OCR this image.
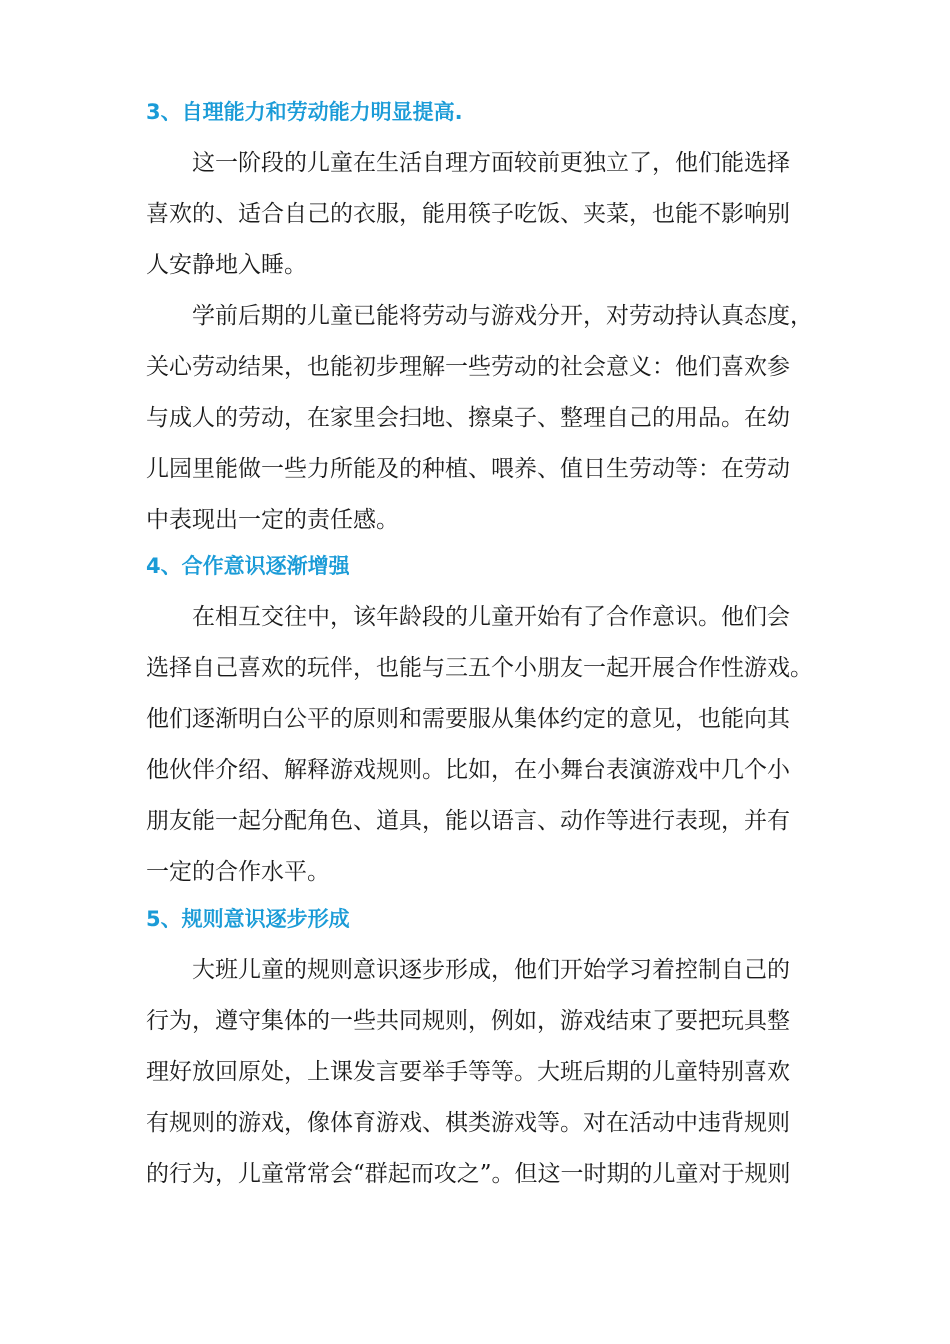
3、自理能力和劳动能力明显提高.

这一阶段的儿童在生活自理方面较前更独立了，他们能选择
喜欢的、适合自己的衣服，能用筷子吃饭、夹菜，也能不影响别
人安静地入睡。

学前后期的儿童已能将劳动与游戏分开，对劳动持认真态度，
关心劳动结果，也能初步理解一些劳动的社会意义：他们喜欢参
与成人的劳动，在家里会扫地、擦桌子、整理自己的用品。在幼
儿园里能做一些力所能及的种植、喂养、值日生劳动等：在劳动
中表现出一定的责任感。

4、合作意识逐渐增强

在相互交往中，该年龄段的儿童开始有了合作意识。他们会
选择自己喜欢的玩伴，也能与三五个小朋友一起开展合作性游戏。
他们逐渐明白公平的原则和需要服从集体约定的意见，也能向其
他伙伴介绍、解释游戏规则。比如，在小舞台表演游戏中几个小
朋友能一起分配角色、道具，能以语言、动作等进行表现，并有
一定的合作水平。

5、规则意识逐步形成

大班儿童的规则意识逐步形成，他们开始学习着控制自己的
行为，遵守集体的一些共同规则，例如，游戏结束了要把玩具整
理好放回原处，上课发言要举手等等。大班后期的儿童特别喜欢
有规则的游戏，像体育游戏、棋类游戏等。对在活动中违背规则
的行为，儿童常常会“群起而攻之”。但这一时期的儿童对于规则
